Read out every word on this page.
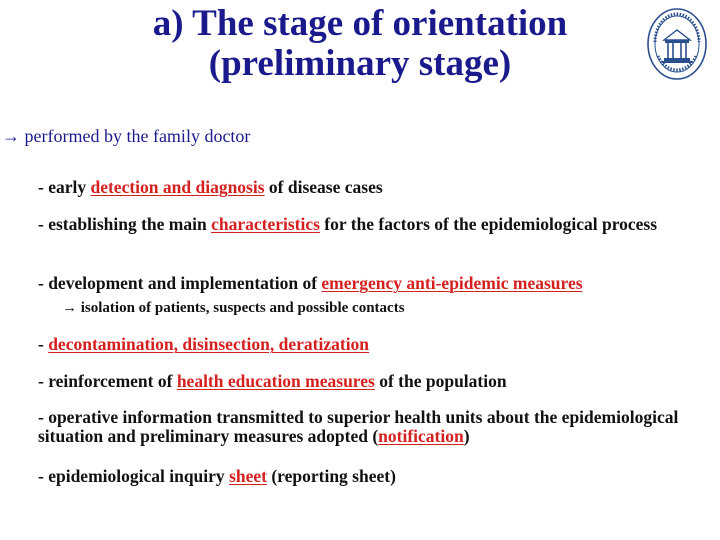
a) The stage of orientation
(preliminary stage)
→ performed by the family doctor
- early detection and diagnosis of disease cases
- establishing the main characteristics for the factors of the epidemiological process
- development and implementation of emergency anti-epidemic measures
→ isolation of patients, suspects and possible contacts
- decontamination, disinsection, deratization
- reinforcement of health education measures of the population
- operative information transmitted to superior health units about the epidemiological situation and preliminary measures adopted (notification)
- epidemiological inquiry sheet (reporting sheet)
